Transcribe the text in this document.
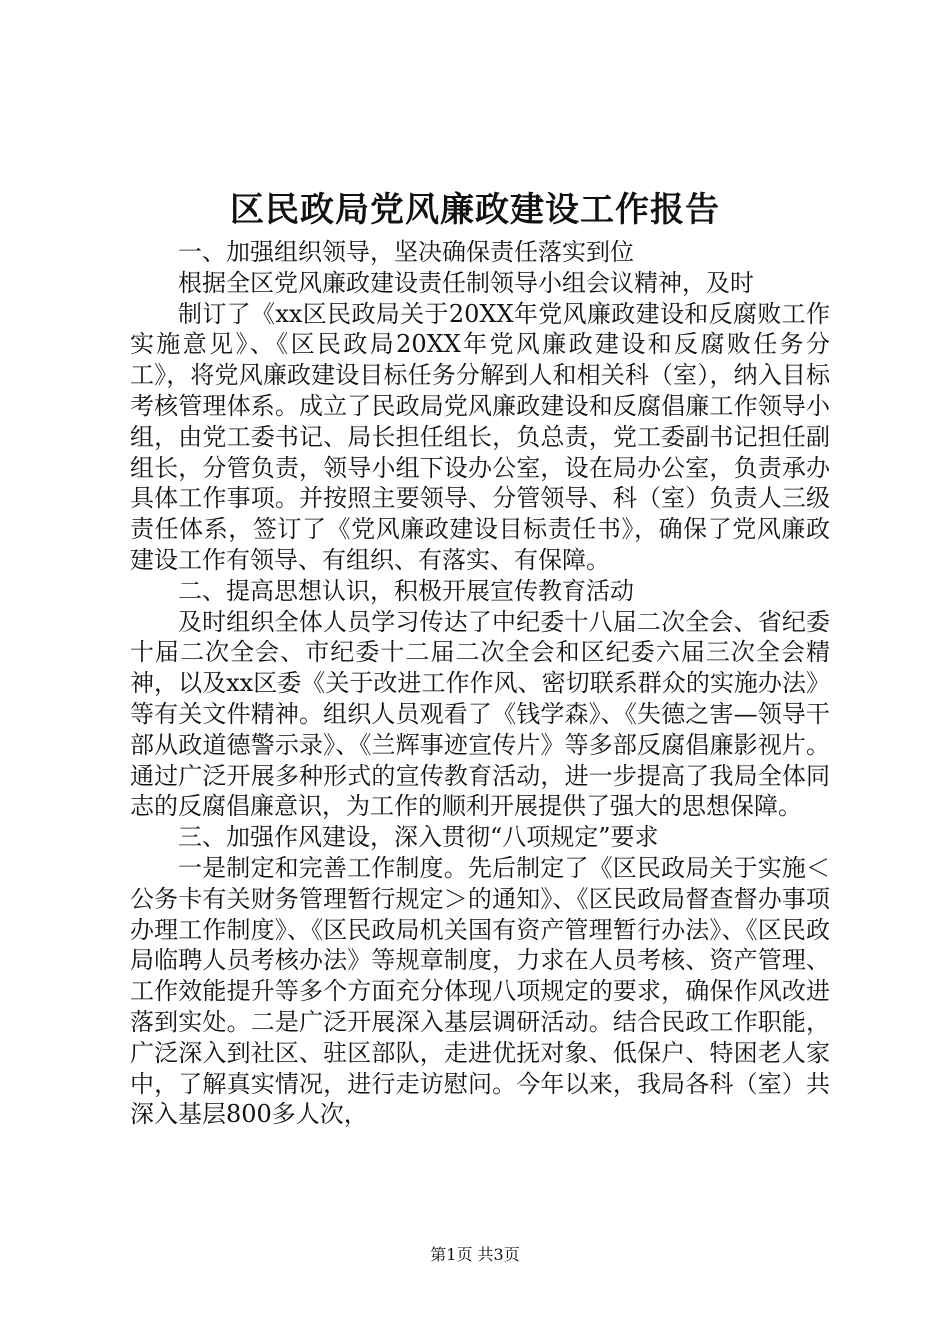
区民政局党风廉政建设工作报告

一、加强组织领导，坚决确保责任落实到位

根据全区党风廉政建设责任制领导小组会议精神，及时

制订了《xx区民政局关于20XX年党风廉政建设和反腐败工作实施意见》、《区民政局20XX年党风廉政建设和反腐败任务分工》，将党风廉政建设目标任务分解到人和相关科（室），纳入目标考核管理体系。成立了民政局党风廉政建设和反腐倡廉工作领导小组，由党工委书记、局长担任组长，负总责，党工委副书记担任副组长，分管负责，领导小组下设办公室，设在局办公室，负责承办具体工作事项。并按照主要领导、分管领导、科（室）负责人三级责任体系，签订了《党风廉政建设目标责任书》，确保了党风廉政建设工作有领导、有组织、有落实、有保障。

二、提高思想认识，积极开展宣传教育活动

及时组织全体人员学习传达了中纪委十八届二次全会、省纪委十届二次全会、市纪委十二届二次全会和区纪委六届三次全会精神，以及xx区委《关于改进工作作风、密切联系群众的实施办法》等有关文件精神。组织人员观看了《钱学森》、《失德之害—领导干部从政道德警示录》、《兰辉事迹宣传片》等多部反腐倡廉影视片。通过广泛开展多种形式的宣传教育活动，进一步提高了我局全体同志的反腐倡廉意识，为工作的顺利开展提供了强大的思想保障。

三、加强作风建设，深入贯彻“八项规定”要求

一是制定和完善工作制度。先后制定了《区民政局关于实施＜公务卡有关财务管理暂行规定＞的通知》、《区民政局督查督办事项办理工作制度》、《区民政局机关国有资产管理暂行办法》、《区民政局临聘人员考核办法》等规章制度，力求在人员考核、资产管理、工作效能提升等多个方面充分体现八项规定的要求，确保作风改进落到实处。二是广泛开展深入基层调研活动。结合民政工作职能，广泛深入到社区、驻区部队，走进优抚对象、低保户、特困老人家中，了解真实情况，进行走访慰问。今年以来，我局各科（室）共深入基层800多人次，

第1页 共3页
